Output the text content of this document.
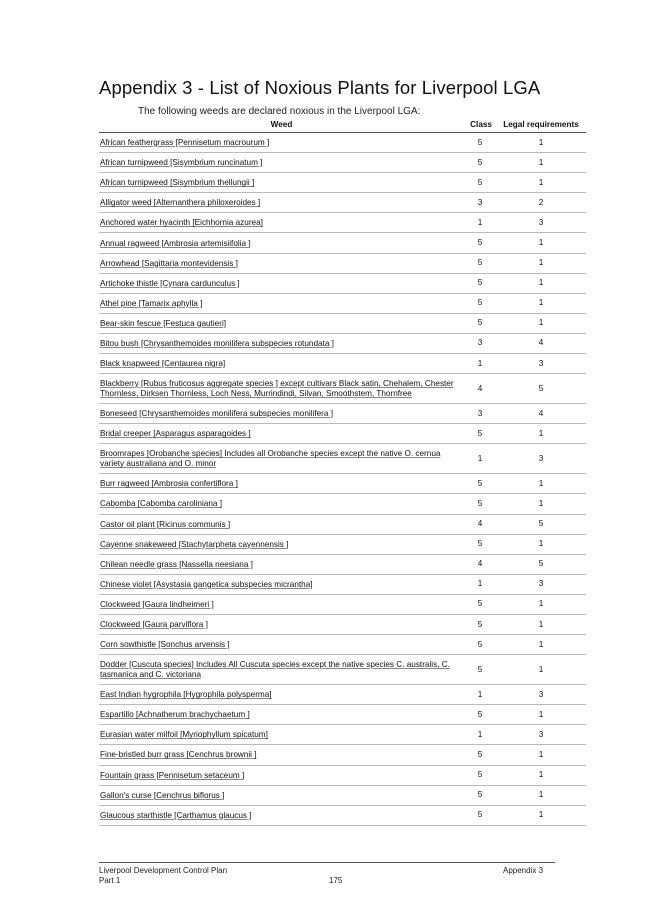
Appendix 3 - List of Noxious Plants for Liverpool LGA
The following weeds are declared noxious in the Liverpool LGA:
Weed	Class	Legal requirements
African feathergrass [Pennisetum macrourum ]	5	1
African turnipweed [Sisymbrium runcinatum ]	5	1
African turnipweed [Sisymbrium thellungii ]	5	1
Alligator weed [Alternanthera philoxeroides ]	3	2
Anchored water hyacinth [Eichhornia azurea]	1	3
Annual ragweed [Ambrosia artemisiifolia ]	5	1
Arrowhead [Sagittaria montevidensis ]	5	1
Artichoke thistle [Cynara cardunculus ]	5	1
Athel pine [Tamarix aphylla ]	5	1
Bear-skin fescue [Festuca gautieri]	5	1
Bitou bush [Chrysanthemoides monilifera subspecies rotundata ]	3	4
Black knapweed [Centaurea nigra]	1	3
Blackberry [Rubus fruticosus aggregate species ] except cultivars Black satin, Chehalem, Chester Thornless, Dirksen Thornless, Loch Ness, Murrindindi, Silvan, Smoothstem, Thornfree	4	5
Boneseed [Chrysanthemoides monilifera subspecies monilifera ]	3	4
Bridal creeper [Asparagus asparagoides ]	5	1
Broomrapes [Orobanche species] Includes all Orobanche species except the native O. cernua variety australiana and O. minor	1	3
Burr ragweed [Ambrosia confertiflora ]	5	1
Cabomba [Cabomba caroliniana ]	5	1
Castor oil plant [Ricinus communis ]	4	5
Cayenne snakeweed [Stachytarpheta cayennensis ]	5	1
Chilean needle grass [Nassella neesiana ]	4	5
Chinese violet [Asystasia gangetica subspecies micrantha]	1	3
Clockweed [Gaura lindheimeri ]	5	1
Clockweed [Gaura parviflora ]	5	1
Corn sowthistle [Sonchus arvensis ]	5	1
Dodder [Cuscuta species] Includes All Cuscuta species except the native species C. australis, C. tasmanica and C. victoriana	5	1
East Indian hygrophila [Hygrophila polysperma]	1	3
Espartillo [Achnatherum brachychaetum ]	5	1
Eurasian water milfoil [Myriophyllum spicatum]	1	3
Fine-bristled burr grass [Cenchrus brownii ]	5	1
Fountain grass [Pennisetum setaceum ]	5	1
Gallon's curse [Cenchrus biflorus ]	5	1
Glaucous starthistle [Carthamus glaucus ]	5	1
Liverpool Development Control Plan
Part 1	175
Appendix 3
